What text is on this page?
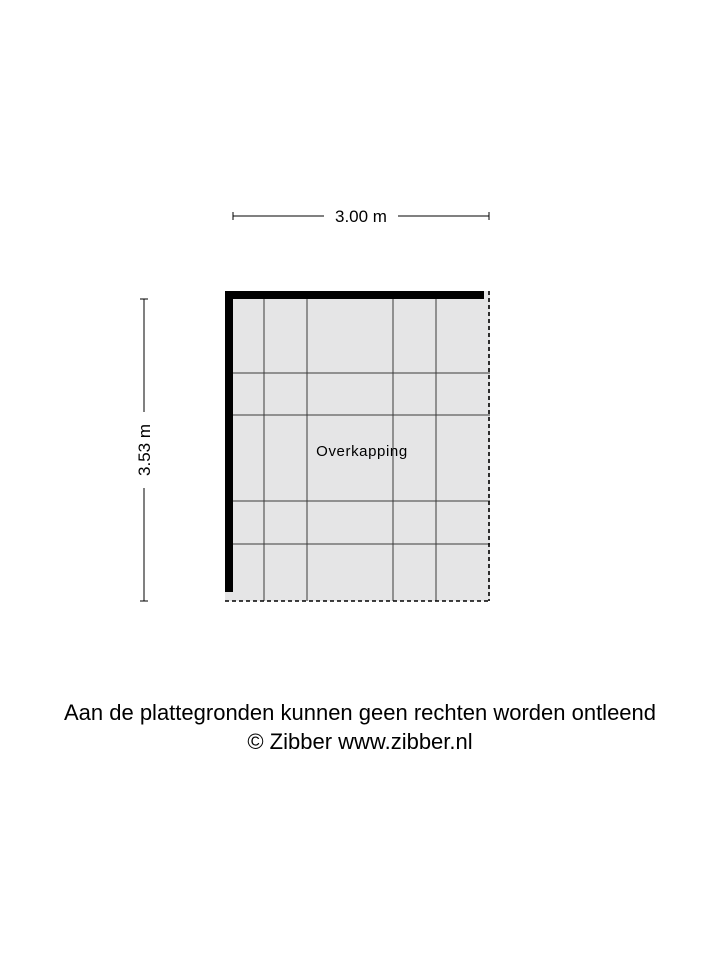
3.00 m
3.53 m	Overkapping
Aan de plattegronden kunnen geen rechten worden ontleend
© Zibber www.zibber.nl
